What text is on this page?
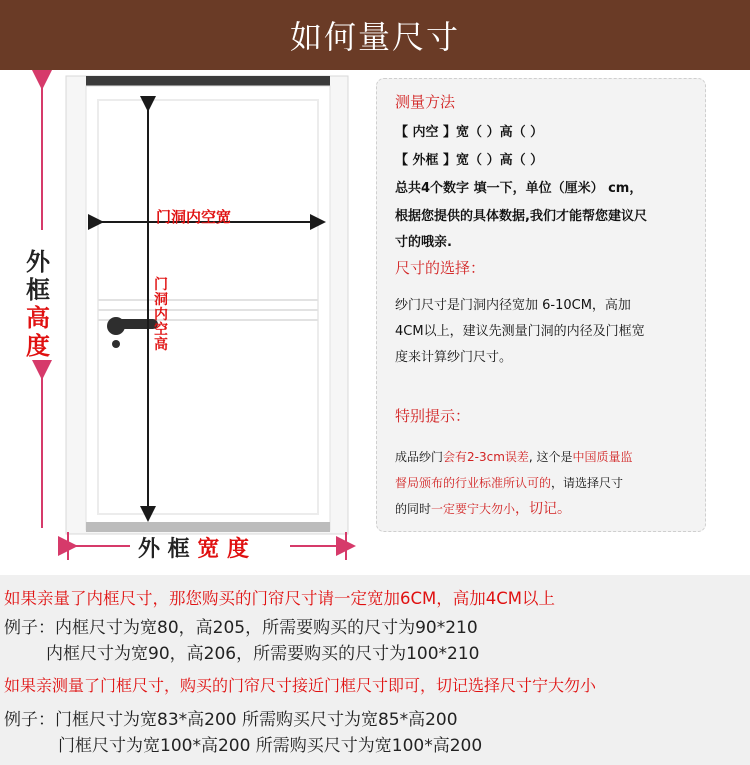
如何量尺寸
外
框
高
度
门洞内空宽
门
洞
内
空
高
外 框 宽 度
测量方法
【 内空 】宽（ ）高（ ）
【 外框 】宽（ ）高（ ）
总共4个数字 填一下，单位（厘米） cm，
根据您提供的具体数据,我们才能帮您建议尺
寸的哦亲.
尺寸的选择：
纱门尺寸是门洞内径宽加 6-10CM，高加
4CM以上，建议先测量门洞的内径及门框宽
度来计算纱门尺寸。
特别提示：
成品纱门会有2-3cm误差, 这个是中国质量监
督局颁布的行业标准所认可的，请选择尺寸
的同时一定要宁大勿小，切记。
如果亲量了内框尺寸，那您购买的门帘尺寸请一定宽加6CM，高加4CM以上
例子：内框尺寸为宽80，高205，所需要购买的尺寸为90*210
内框尺寸为宽90，高206，所需要购买的尺寸为100*210
如果亲测量了门框尺寸，购买的门帘尺寸接近门框尺寸即可，切记选择尺寸宁大勿小
例子：门框尺寸为宽83*高200 所需购买尺寸为宽85*高200
门框尺寸为宽100*高200 所需购买尺寸为宽100*高200
